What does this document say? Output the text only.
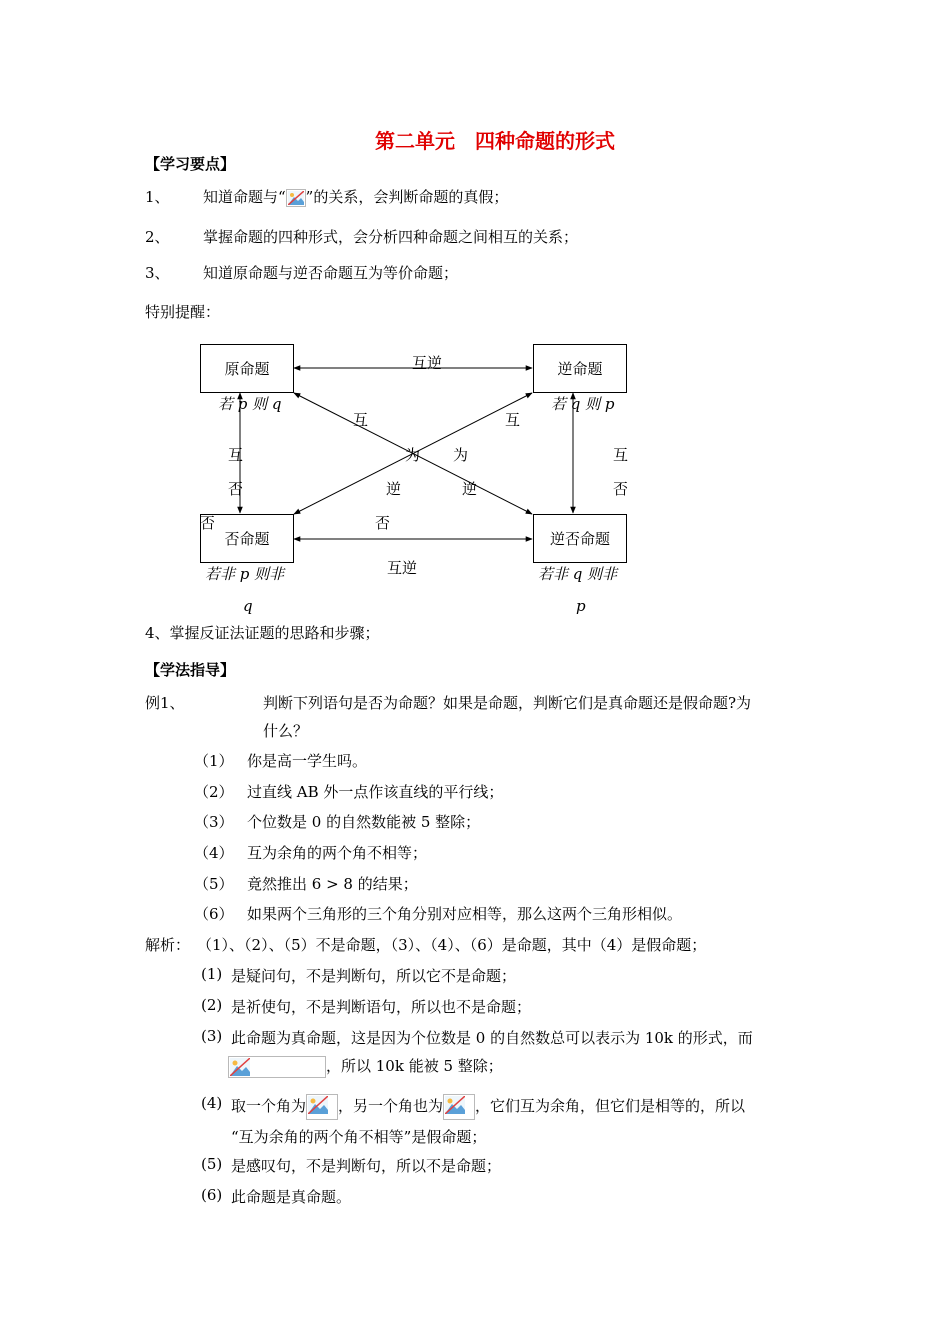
第二单元　四种命题的形式
【学习要点】
1、 知道命题与“ ”的关系，会判断命题的真假；
2、 掌握命题的四种形式，会分析四种命题之间相互的关系；
3、 知道原命题与逆否命题互为等价命题；
特别提醒：
原命题	逆命题
否命题	逆否命题
若 p 则 q	若 q 则 p
若非 p 则非
q
若非 q 则非
p
互逆
互逆
互
否
否
互
否
互
为
逆
否
互
为
逆
4、掌握反证法证题的思路和步骤；
【学法指导】
例1、	判断下列语句是否为命题？如果是命题，判断它们是真命题还是假命题?为
什么？
（1） 你是高一学生吗。
（2） 过直线 AB 外一点作该直线的平行线；
（3） 个位数是 0 的自然数能被 5 整除；
（4） 互为余角的两个角不相等；
（5） 竟然推出 6 > 8 的结果；
（6） 如果两个三角形的三个角分别对应相等，那么这两个三角形相似。
解析： （1）、（2）、（5）不是命题，（3）、（4）、（6）是命题，其中（4）是假命题；
(1) 是疑问句，不是判断句，所以它不是命题；
(2) 是祈使句，不是判断语句，所以也不是命题；
(3) 此命题为真命题，这是因为个位数是 0 的自然数总可以表示为 10k 的形式，而
，所以 10k 能被 5 整除；
(4) 取一个角为 ，另一个角也为 ，它们互为余角，但它们是相等的，所以
“互为余角的两个角不相等”是假命题；
(5) 是感叹句，不是判断句，所以不是命题；
(6) 此命题是真命题。
